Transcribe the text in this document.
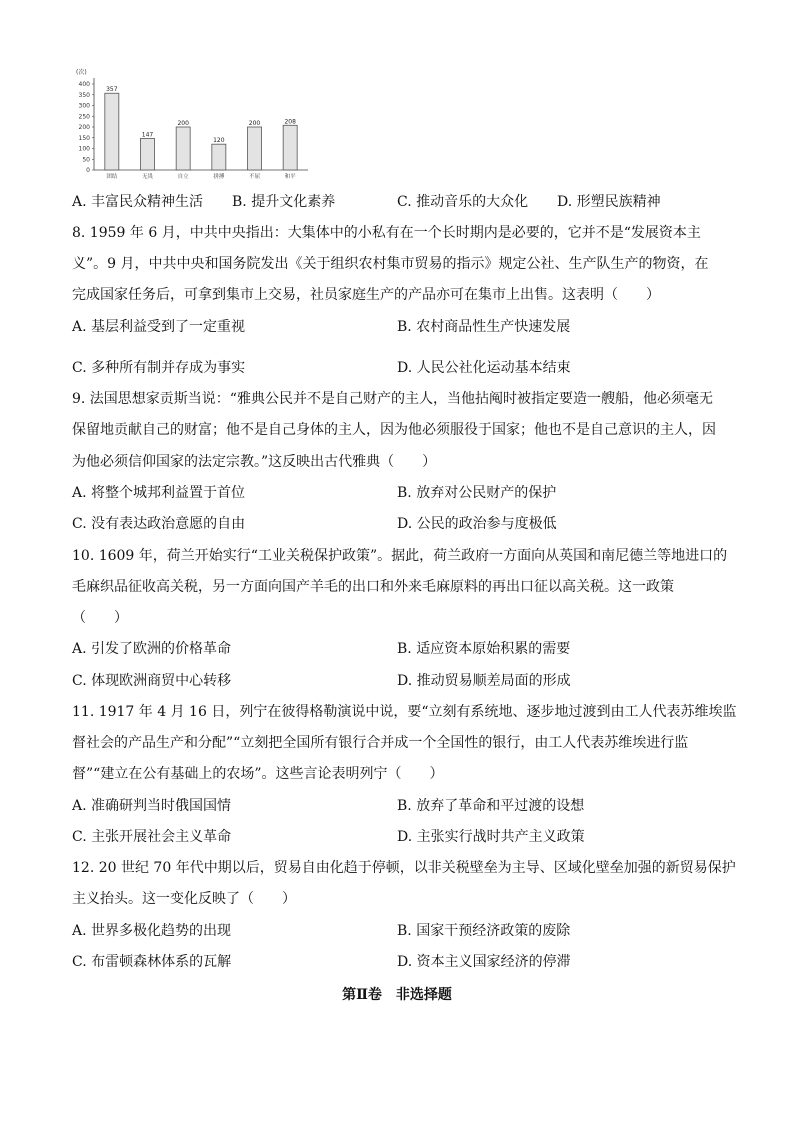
(次)
400
350
300
250
200
150
100
50
0
357
团结
147
无畏
200
自立
120
拼搏
200
不屈
208
和平
A. 丰富民众精神生活 B. 提升文化素养	C. 推动音乐的大众化 D. 形塑民族精神
8. 1959 年 6 月，中共中央指出：大集体中的小私有在一个长时期内是必要的，它并不是“发展资本主
义”。9 月，中共中央和国务院发出《关于组织农村集市贸易的指示》规定公社、生产队生产的物资，在
完成国家任务后，可拿到集市上交易，社员家庭生产的产品亦可在集市上出售。这表明（　　）
A. 基层利益受到了一定重视	B. 农村商品性生产快速发展
C. 多种所有制并存成为事实	D. 人民公社化运动基本结束
9. 法国思想家贡斯当说：“雅典公民并不是自己财产的主人，当他拈阄时被指定要造一艘船，他必须毫无
保留地贡献自己的财富；他不是自己身体的主人，因为他必须服役于国家；他也不是自己意识的主人，因
为他必须信仰国家的法定宗教。”这反映出古代雅典（　　）
A. 将整个城邦利益置于首位	B. 放弃对公民财产的保护
C. 没有表达政治意愿的自由	D. 公民的政治参与度极低
10. 1609 年，荷兰开始实行“工业关税保护政策”。据此，荷兰政府一方面向从英国和南尼德兰等地进口的
毛麻织品征收高关税，另一方面向国产羊毛的出口和外来毛麻原料的再出口征以高关税。这一政策
（　　）
A. 引发了欧洲的价格革命	B. 适应资本原始积累的需要
C. 体现欧洲商贸中心转移	D. 推动贸易顺差局面的形成
11. 1917 年 4 月 16 日，列宁在彼得格勒演说中说，要“立刻有系统地、逐步地过渡到由工人代表苏维埃监
督社会的产品生产和分配”“立刻把全国所有银行合并成一个全国性的银行，由工人代表苏维埃进行监
督”“建立在公有基础上的农场”。这些言论表明列宁（　　）
A. 准确研判当时俄国国情	B. 放弃了革命和平过渡的设想
C. 主张开展社会主义革命	D. 主张实行战时共产主义政策
12. 20 世纪 70 年代中期以后，贸易自由化趋于停顿，以非关税壁垒为主导、区域化壁垒加强的新贸易保护
主义抬头。这一变化反映了（　　）
A. 世界多极化趋势的出现	B. 国家干预经济政策的废除
C. 布雷顿森林体系的瓦解	D. 资本主义国家经济的停滞
第Ⅱ卷　非选择题
